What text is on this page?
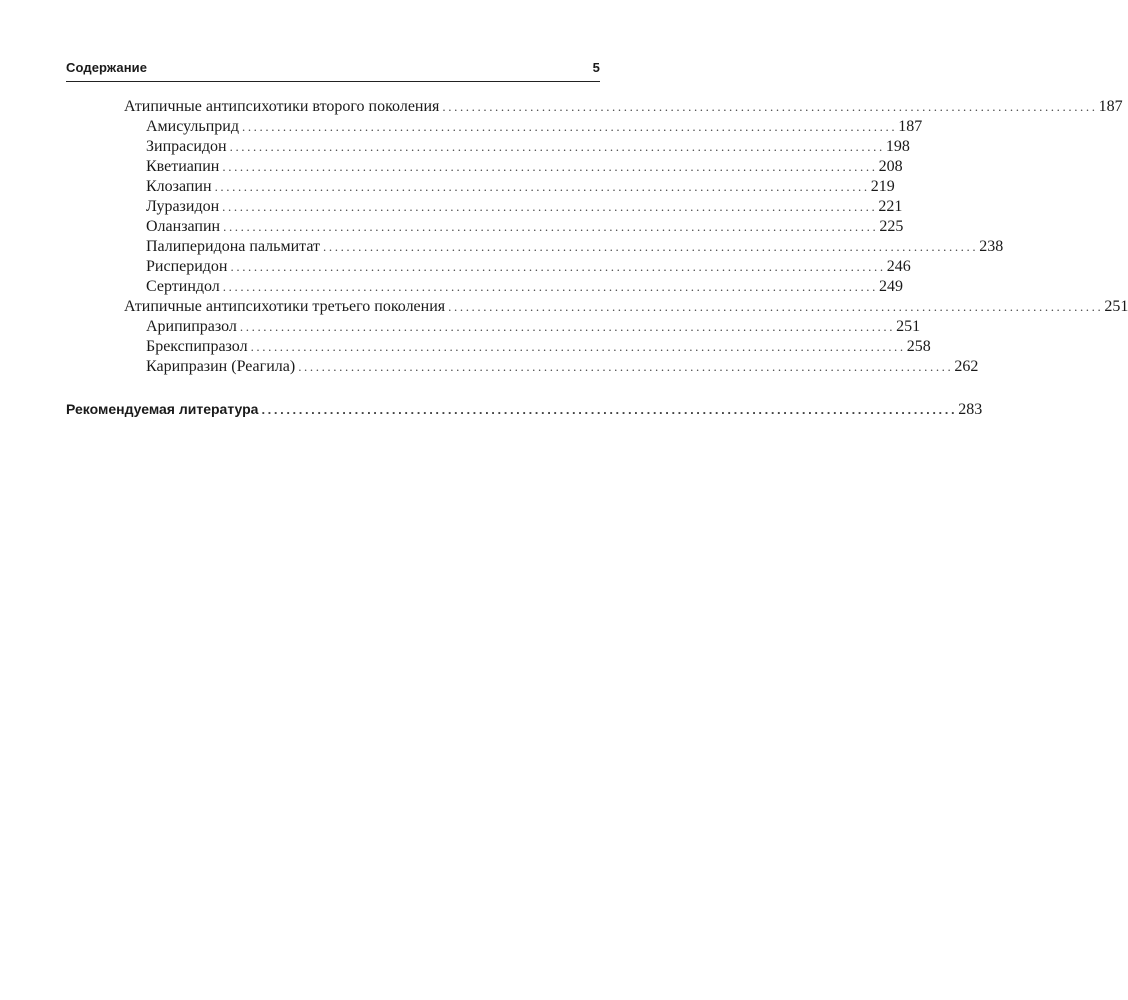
Содержание	5
Атипичные антипсихотики второго поколения ................................................................................................................ 187
Амисульприд ................................................................................................................ 187
Зипрасидон ................................................................................................................ 198
Кветиапин ................................................................................................................ 208
Клозапин ................................................................................................................ 219
Луразидон ................................................................................................................ 221
Оланзапин ................................................................................................................ 225
Палиперидона пальмитат ................................................................................................................ 238
Рисперидон ................................................................................................................ 246
Сертиндол ................................................................................................................ 249
Атипичные антипсихотики третьего поколения ................................................................................................................ 251
Арипипразол ................................................................................................................ 251
Брекспипразол ................................................................................................................ 258
Карипразин (Реагила) ................................................................................................................ 262
Рекомендуемая литература ................................................................................................................ 283
